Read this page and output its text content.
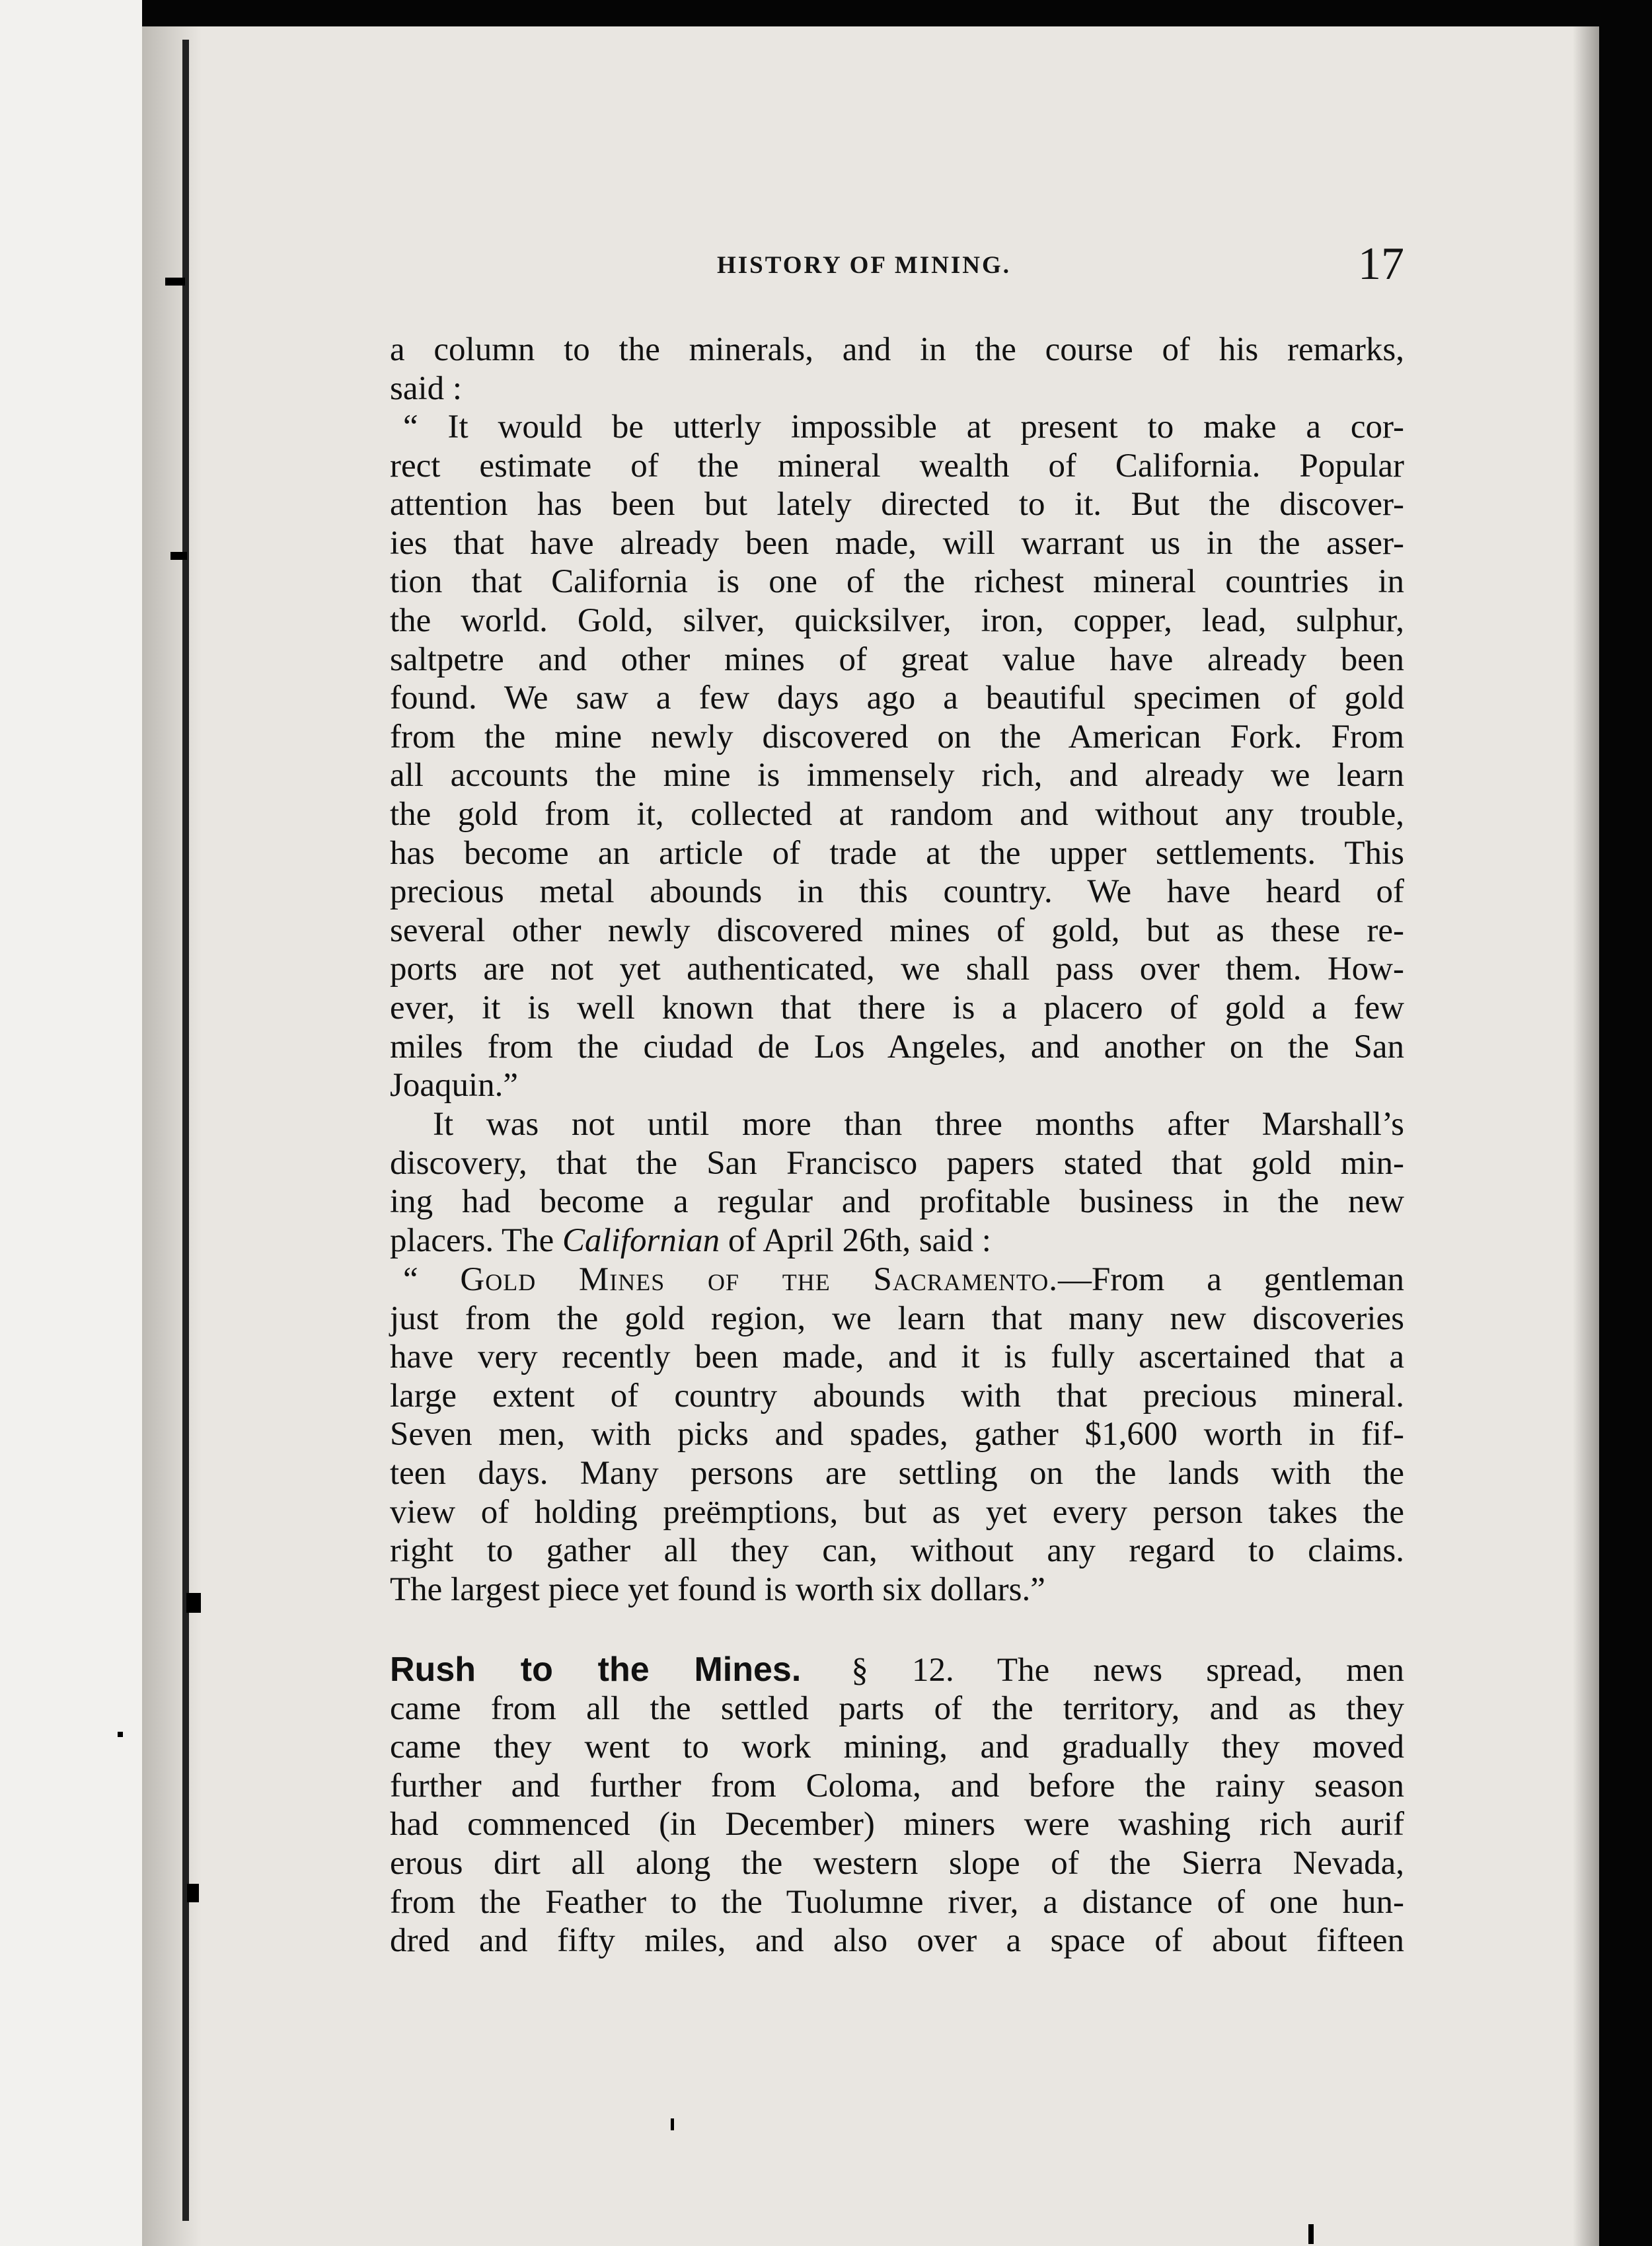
HISTORY OF MINING.	17
a column to the minerals, and in the course of his remarks,
said :
“ It would be utterly impossible at present to make a cor-
rect estimate of the mineral wealth of California. Popular
attention has been but lately directed to it. But the discover-
ies that have already been made, will warrant us in the asser-
tion that California is one of the richest mineral countries in
the world. Gold, silver, quicksilver, iron, copper, lead, sulphur,
saltpetre and other mines of great value have already been
found. We saw a few days ago a beautiful specimen of gold
from the mine newly discovered on the American Fork. From
all accounts the mine is immensely rich, and already we learn
the gold from it, collected at random and without any trouble,
has become an article of trade at the upper settlements. This
precious metal abounds in this country. We have heard of
several other newly discovered mines of gold, but as these re-
ports are not yet authenticated, we shall pass over them. How-
ever, it is well known that there is a placero of gold a few
miles from the ciudad de Los Angeles, and another on the San
Joaquin.”
It was not until more than three months after Marshall’s
discovery, that the San Francisco papers stated that gold min-
ing had become a regular and profitable business in the new
placers. The Californian of April 26th, said :
“ Gold Mines of the Sacramento.—From a gentleman
just from the gold region, we learn that many new discoveries
have very recently been made, and it is fully ascertained that a
large extent of country abounds with that precious mineral.
Seven men, with picks and spades, gather $1,600 worth in fif-
teen days. Many persons are settling on the lands with the
view of holding preëmptions, but as yet every person takes the
right to gather all they can, without any regard to claims.
The largest piece yet found is worth six dollars.”
Rush to the Mines. § 12. The news spread, men
came from all the settled parts of the territory, and as they
came they went to work mining, and gradually they moved
further and further from Coloma, and before the rainy season
had commenced (in December) miners were washing rich aurif
erous dirt all along the western slope of the Sierra Nevada,
from the Feather to the Tuolumne river, a distance of one hun-
dred and fifty miles, and also over a space of about fifteen
